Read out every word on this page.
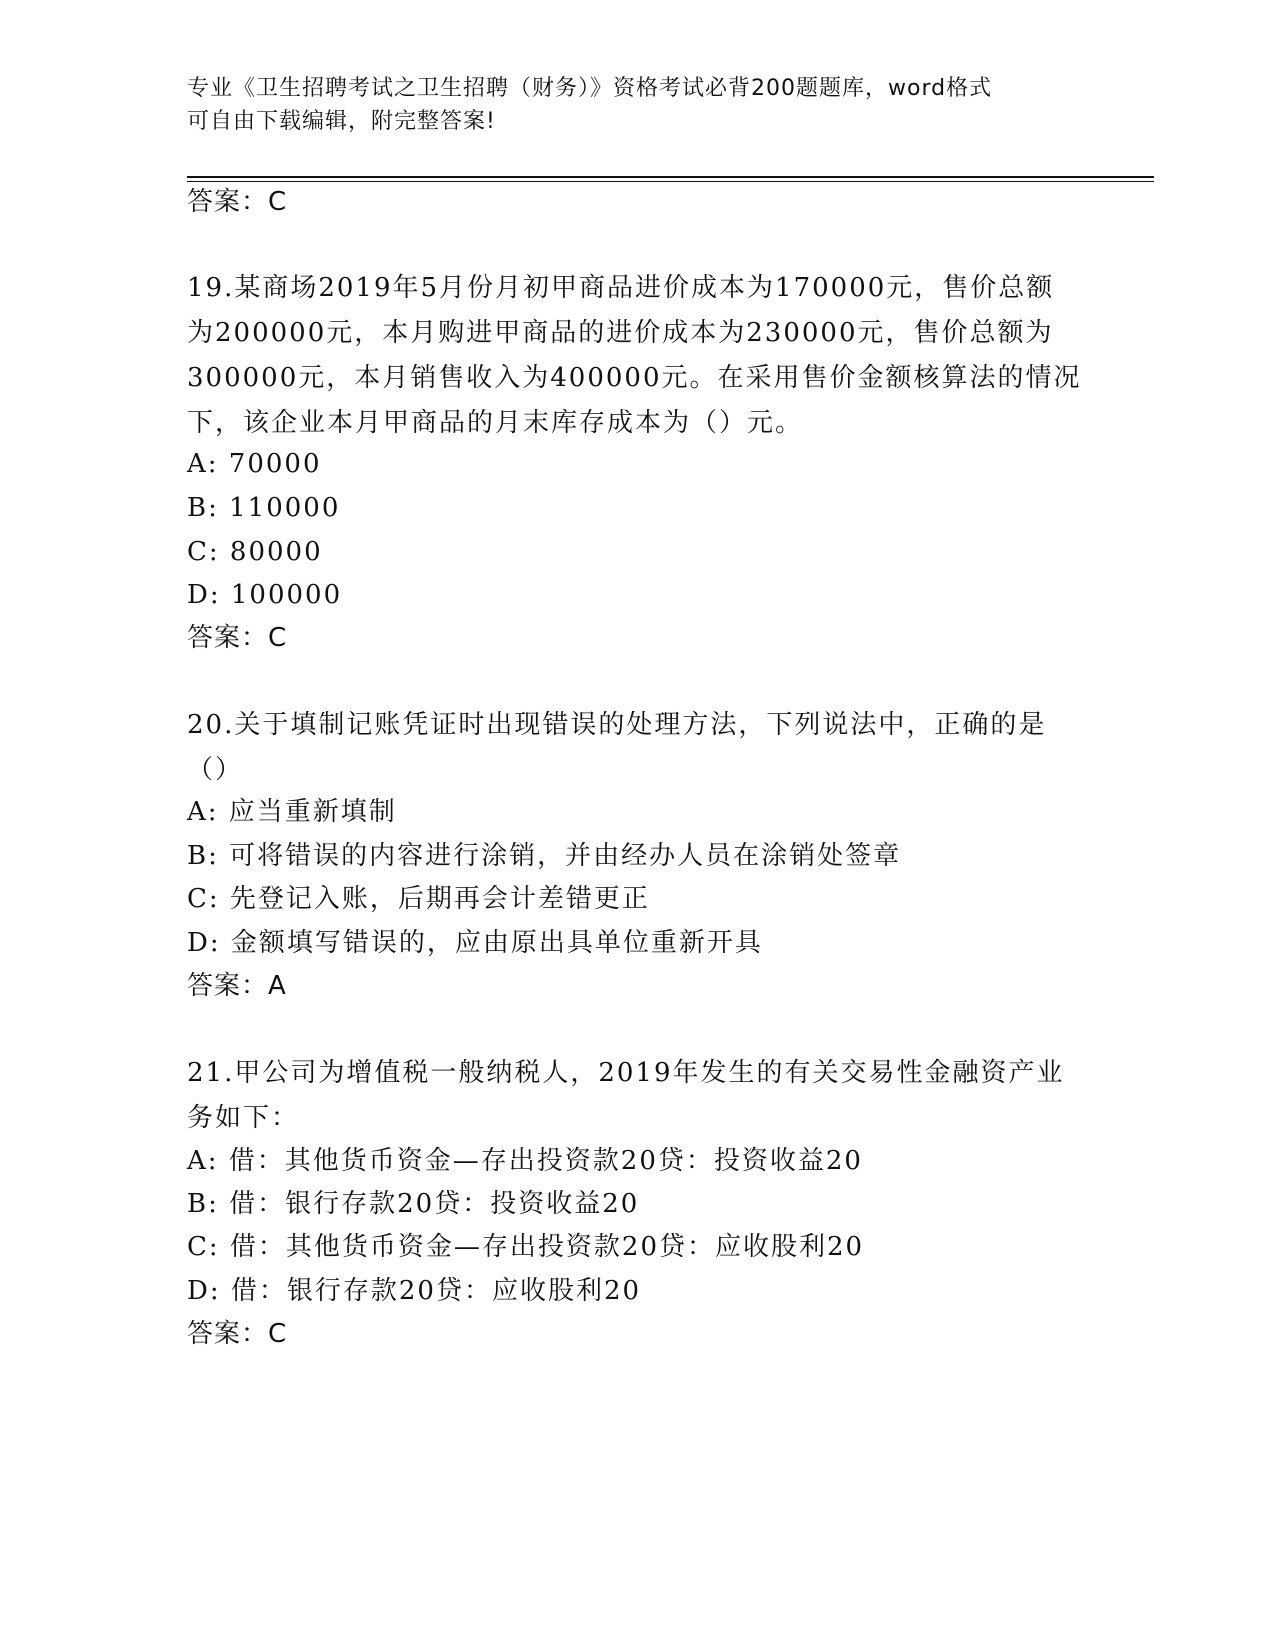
专业《卫生招聘考试之卫生招聘（财务）》资格考试必背200题题库，word格式
可自由下载编辑，附完整答案!
答案：C
19.某商场2019年5月份月初甲商品进价成本为170000元，售价总额
为200000元，本月购进甲商品的进价成本为230000元，售价总额为
300000元，本月销售收入为400000元。在采用售价金额核算法的情况
下，该企业本月甲商品的月末库存成本为（）元。
A: 70000
B: 110000
C: 80000
D: 100000
答案：C
20.关于填制记账凭证时出现错误的处理方法，下列说法中，正确的是
（）
A: 应当重新填制
B: 可将错误的内容进行涂销，并由经办人员在涂销处签章
C: 先登记入账，后期再会计差错更正
D: 金额填写错误的，应由原出具单位重新开具
答案：A
21.甲公司为增值税一般纳税人，2019年发生的有关交易性金融资产业
务如下：
A: 借：其他货币资金—存出投资款20贷：投资收益20
B: 借：银行存款20贷：投资收益20
C: 借：其他货币资金—存出投资款20贷：应收股利20
D: 借：银行存款20贷：应收股利20
答案：C
